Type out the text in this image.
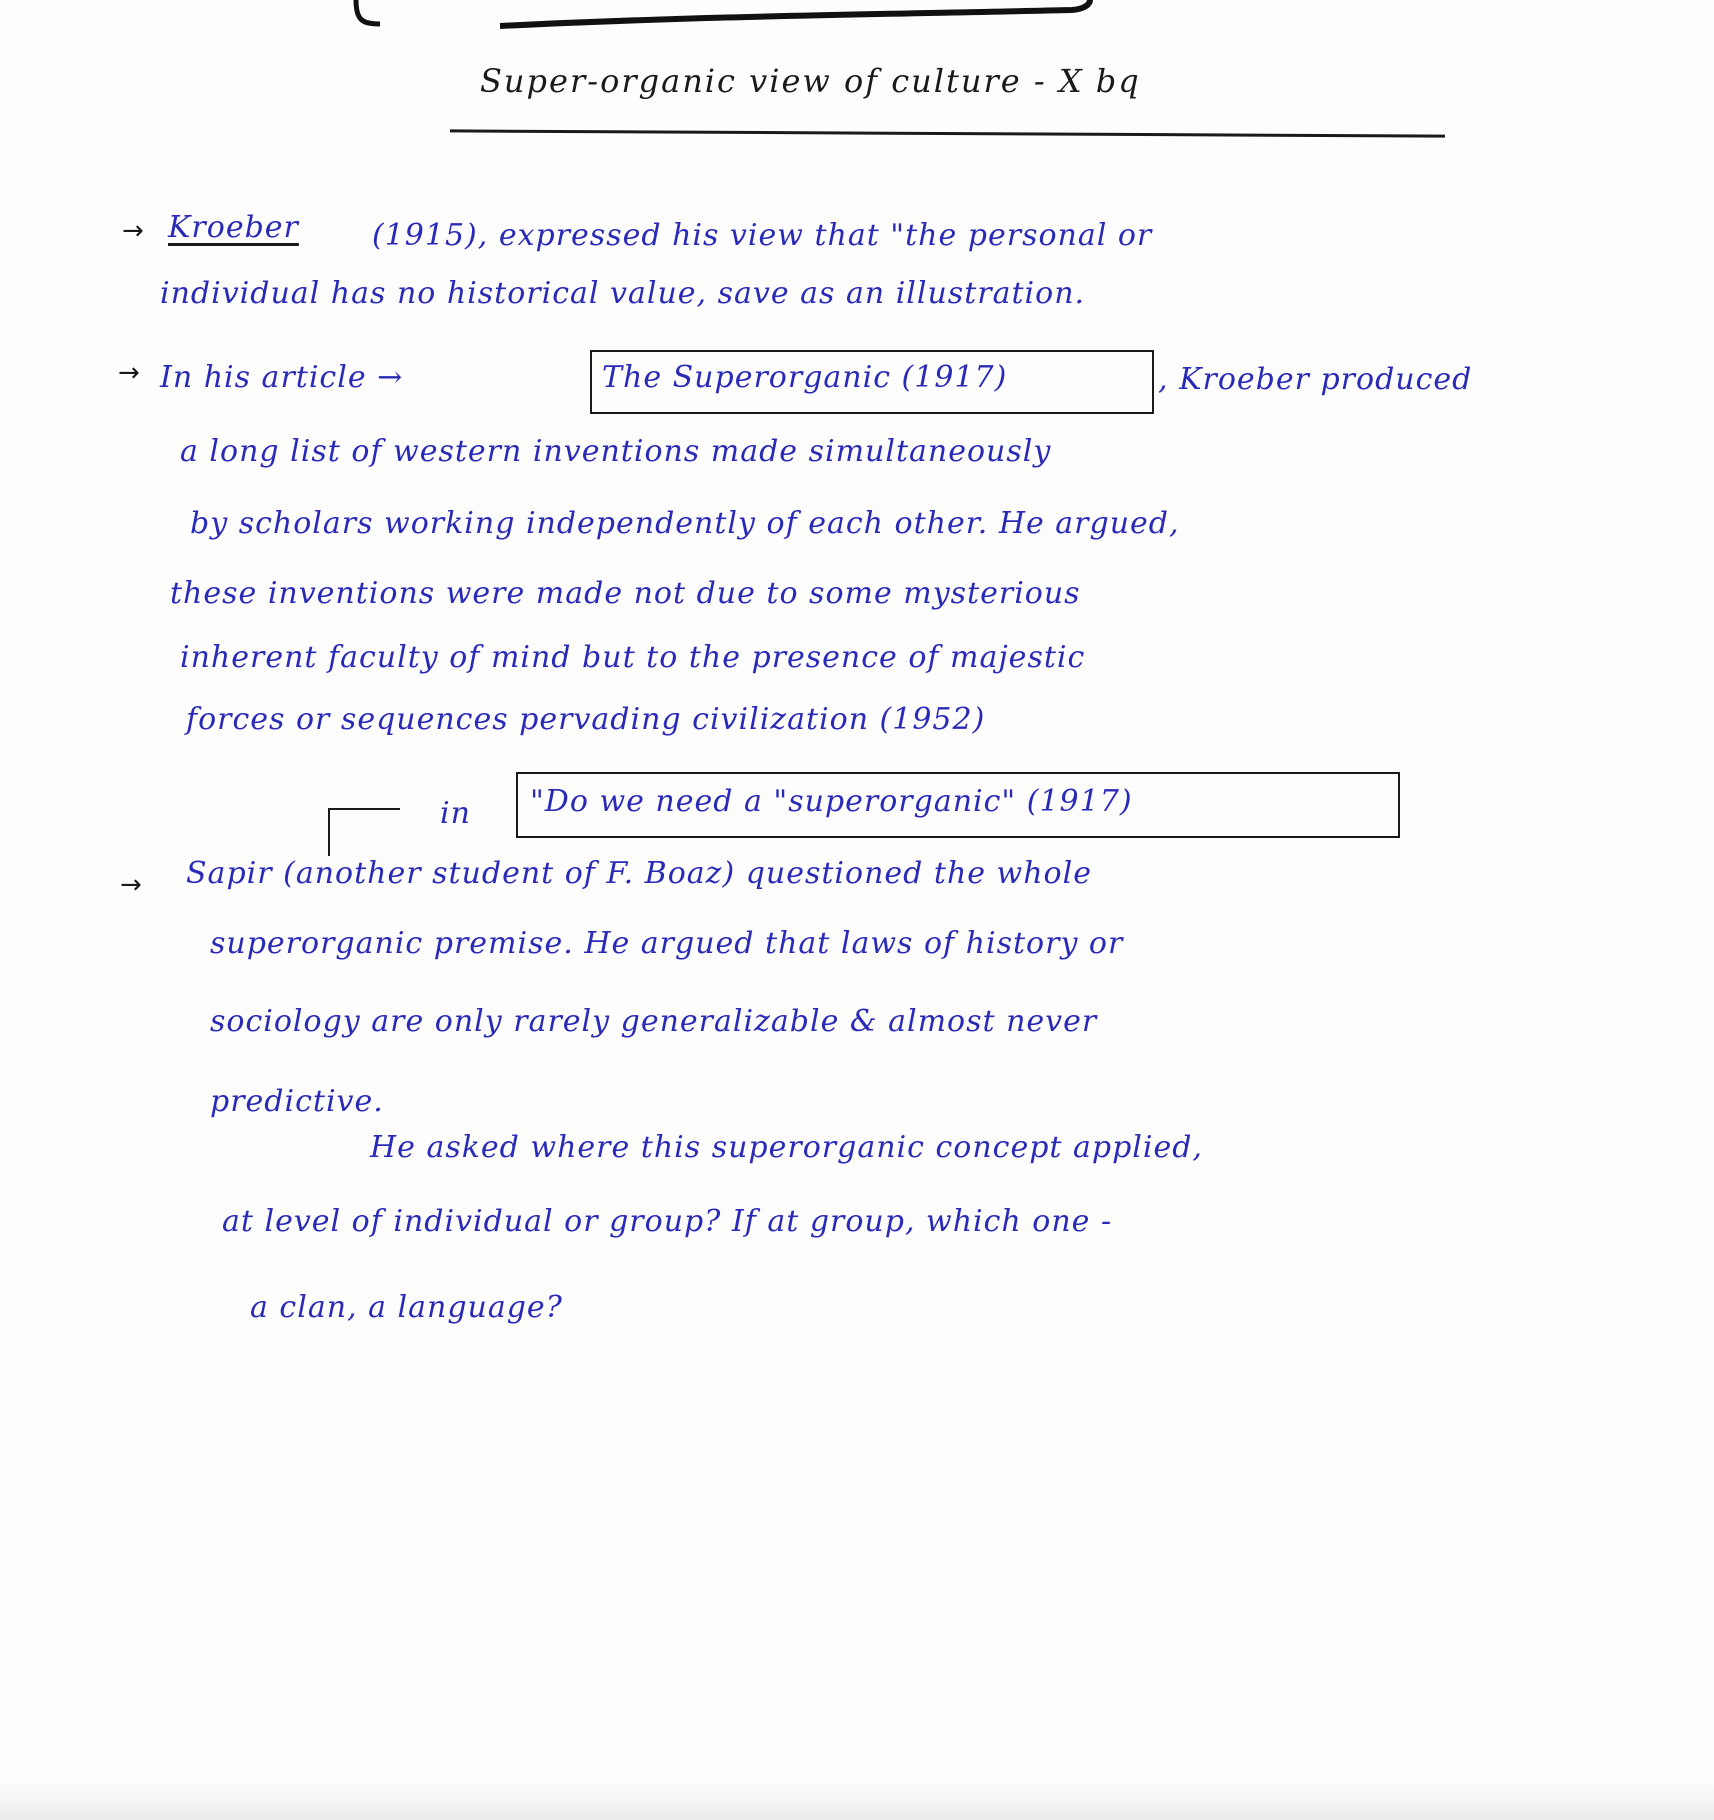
Super-organic view of culture - X bq
→ Kroeber (1915), expressed his view that "the personal or
individual has no historical value, save as an illustration.
→ In his article →	The Superorganic (1917)	, Kroeber produced
a long list of western inventions made simultaneously
by scholars working independently of each other. He argued,
these inventions were made not due to some mysterious
inherent faculty of mind but to the presence of majestic
forces or sequences pervading civilization (1952)
in "Do we need a "superorganic" (1917)
→ Sapir (another student of F. Boaz) questioned the whole
superorganic premise. He argued that laws of history or
sociology are only rarely generalizable & almost never
predictive.
He asked where this superorganic concept applied,
at level of individual or group? If at group, which one -
a clan, a language?
